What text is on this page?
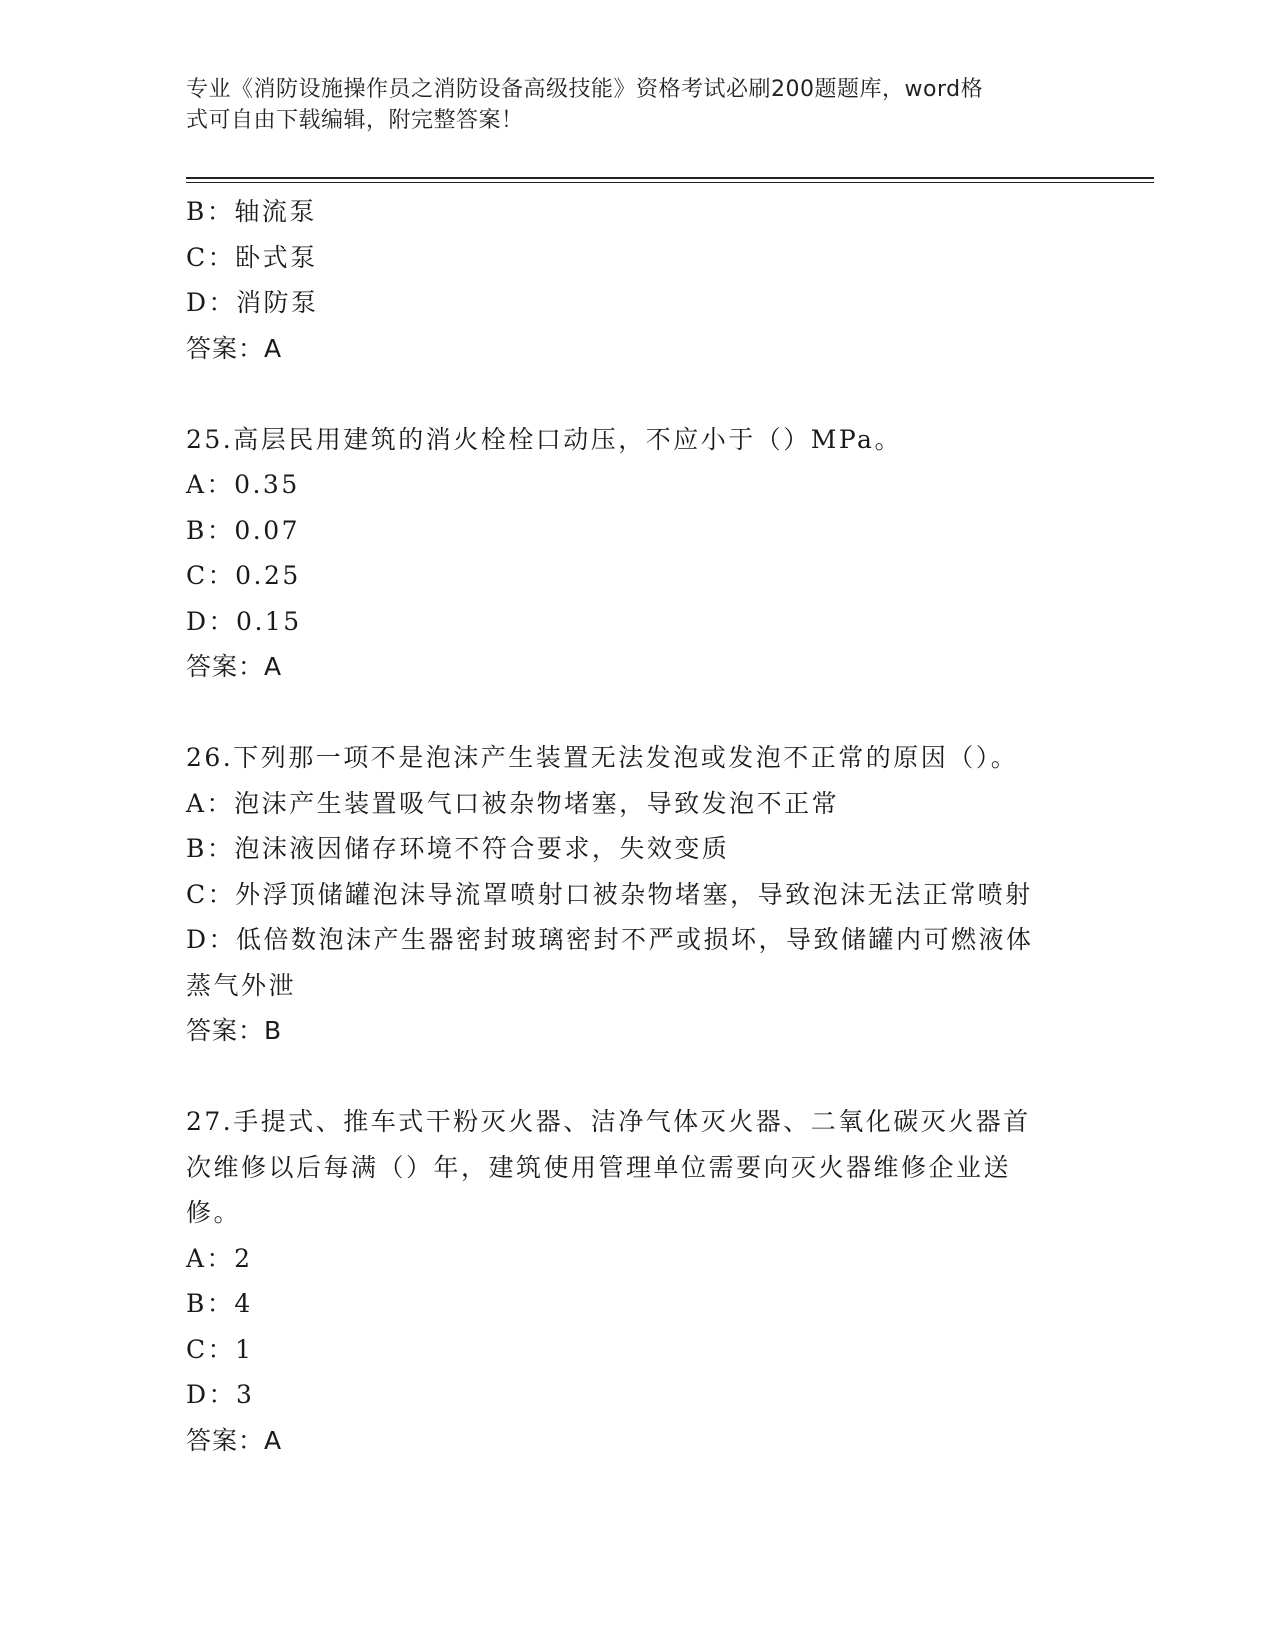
专业《消防设施操作员之消防设备高级技能》资格考试必刷200题题库，word格
式可自由下载编辑，附完整答案！
B：轴流泵
C：卧式泵
D：消防泵
答案：A
25.高层民用建筑的消火栓栓口动压，不应小于（）MPa。
A：0.35
B：0.07
C：0.25
D：0.15
答案：A
26.下列那一项不是泡沫产生装置无法发泡或发泡不正常的原因（）。
A：泡沫产生装置吸气口被杂物堵塞，导致发泡不正常
B：泡沫液因储存环境不符合要求，失效变质
C：外浮顶储罐泡沫导流罩喷射口被杂物堵塞，导致泡沫无法正常喷射
D：低倍数泡沫产生器密封玻璃密封不严或损坏，导致储罐内可燃液体
蒸气外泄
答案：B
27.手提式、推车式干粉灭火器、洁净气体灭火器、二氧化碳灭火器首
次维修以后每满（）年，建筑使用管理单位需要向灭火器维修企业送
修。
A：2
B：4
C：1
D：3
答案：A
